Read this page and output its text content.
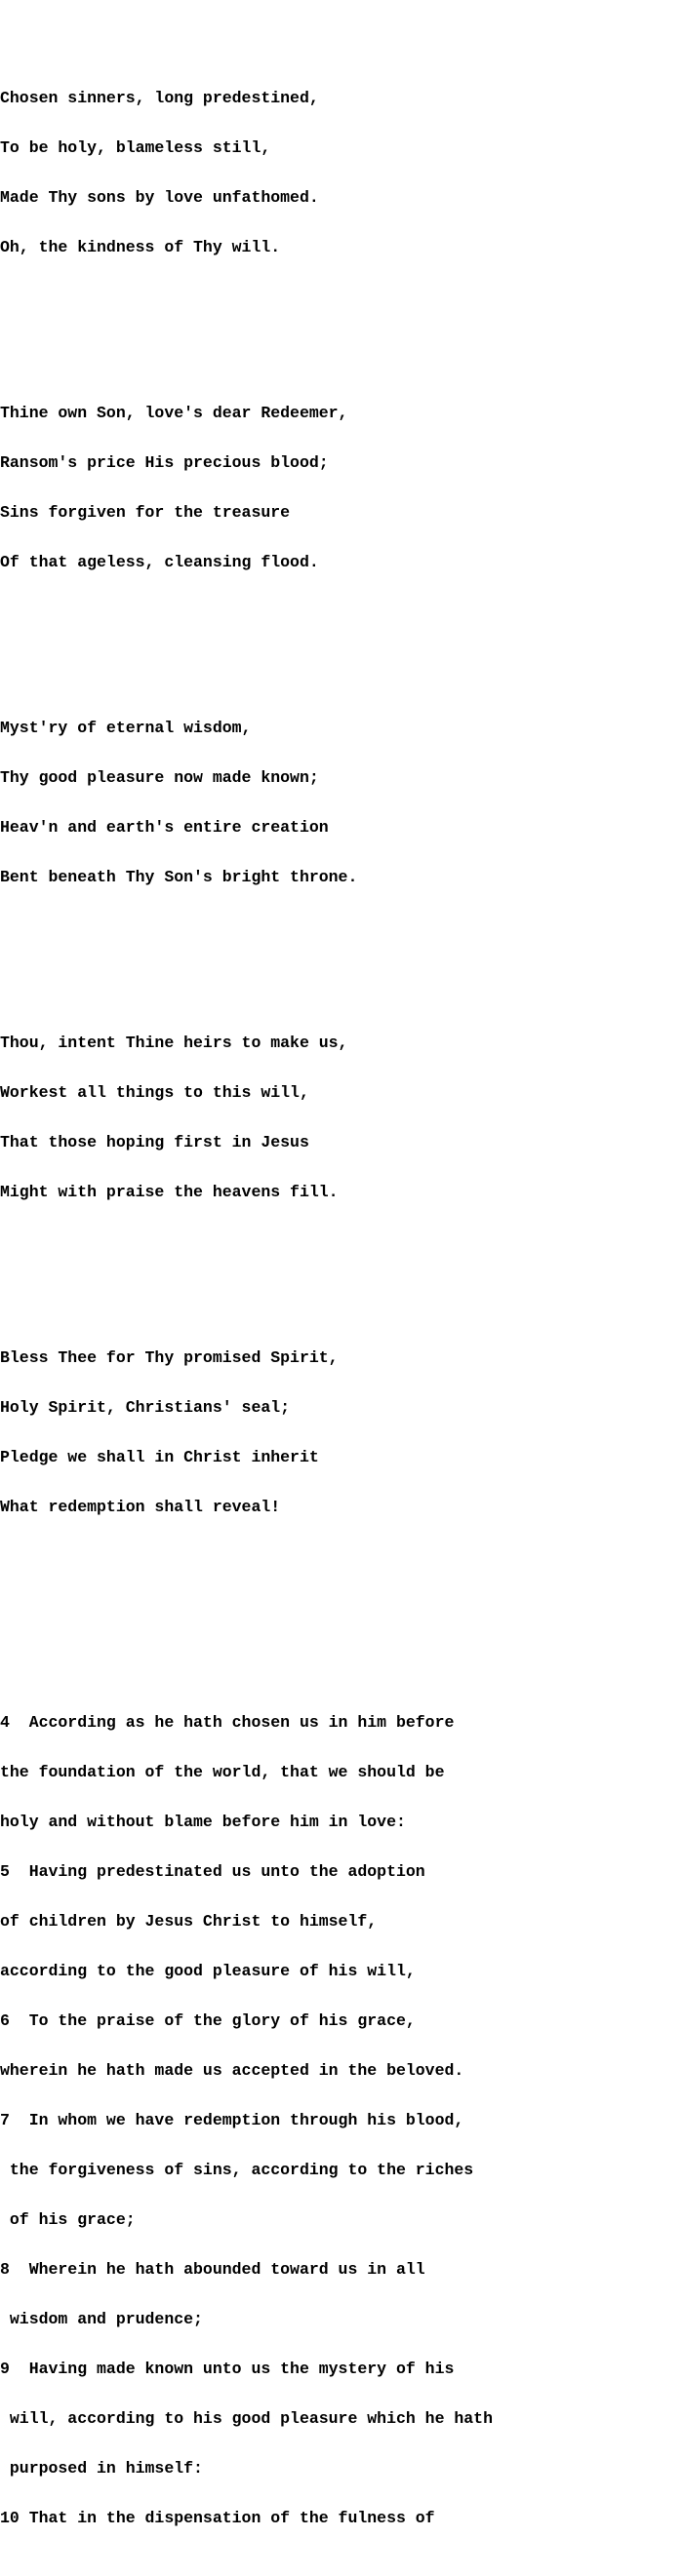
Chosen sinners, long predestined,

To be holy, blameless still,

Made Thy sons by love unfathomed.

Oh, the kindness of Thy will.

Thine own Son, love's dear Redeemer,

Ransom's price His precious blood;

Sins forgiven for the treasure

Of that ageless, cleansing flood.

Myst'ry of eternal wisdom,

Thy good pleasure now made known;

Heav'n and earth's entire creation

Bent beneath Thy Son's bright throne.

Thou, intent Thine heirs to make us,

Workest all things to this will,

That those hoping first in Jesus

Might with praise the heavens fill.

Bless Thee for Thy promised Spirit,

Holy Spirit, Christians' seal;

Pledge we shall in Christ inherit

What redemption shall reveal!

4  According as he hath chosen us in him before

the foundation of the world, that we should be

holy and without blame before him in love:

5  Having predestinated us unto the adoption

of children by Jesus Christ to himself,

according to the good pleasure of his will,

6  To the praise of the glory of his grace,

wherein he hath made us accepted in the beloved.

7  In whom we have redemption through his blood,

the forgiveness of sins, according to the riches

of his grace;

8  Wherein he hath abounded toward us in all

wisdom and prudence;

9  Having made known unto us the mystery of his

will, according to his good pleasure which he hath

purposed in himself:

10 That in the dispensation of the fulness of
